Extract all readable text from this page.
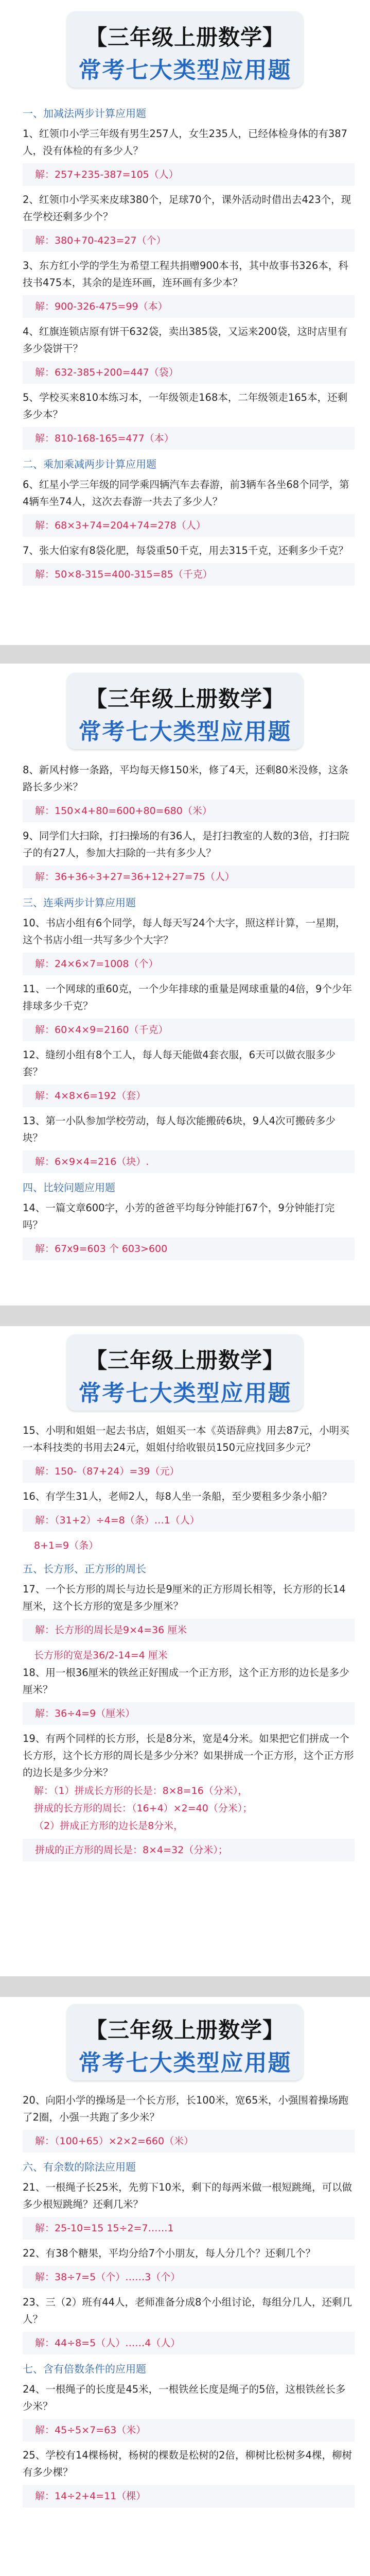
【三年级上册数学】
常考七大类型应用题
一、加减法两步计算应用题
1、红领巾小学三年级有男生257人，女生235人，已经体检身体的有387人，没有体检的有多少人？
解：257+235-387=105（人）
2、红领巾小学买来皮球380个，足球70个，课外活动时借出去423个，现在学校还剩多少个？
解：380+70-423=27（个）
3、东方红小学的学生为希望工程共捐赠900本书，其中故事书326本，科技书475本，其余的是连环画，连环画有多少本？
解：900-326-475=99（本）
4、红旗连锁店原有饼干632袋，卖出385袋，又运来200袋，这时店里有多少袋饼干？
解：632-385+200=447（袋）
5、学校买来810本练习本，一年级领走168本，二年级领走165本，还剩多少本？
解：810-168-165=477（本）
二、乘加乘减两步计算应用题
6、红星小学三年级的同学乘四辆汽车去春游，前3辆车各坐68个同学，第4辆车坐74人，这次去春游一共去了多少人？
解：68×3+74=204+74=278（人）
7、张大伯家有8袋化肥，每袋重50千克，用去315千克，还剩多少千克？
解：50×8-315=400-315=85（千克）
【三年级上册数学】
常考七大类型应用题
8、新风村修一条路，平均每天修150米，修了4天，还剩80米没修，这条路长多少米？
解：150×4+80=600+80=680（米）
9、同学们大扫除，打扫操场的有36人，是打扫教室的人数的3倍，打扫院子的有27人，参加大扫除的一共有多少人？
解：36+36÷3+27=36+12+27=75（人）
三、连乘两步计算应用题
10、书店小组有6个同学，每人每天写24个大字，照这样计算，一星期，这个书店小组一共写多少个大字？
解：24×6×7=1008（个）
11、一个网球的重60克，一个少年排球的重量是网球重量的4倍，9个少年排球多少千克？
解：60×4×9=2160（千克）
12、缝纫小组有8个工人，每人每天能做4套衣服，6天可以做衣服多少套？
解：4×8×6=192（套）
13、第一小队参加学校劳动，每人每次能搬砖6块，9人4次可搬砖多少块？
解：6×9×4=216（块）.
四、比较问题应用题
14、一篇文章600字，小芳的爸爸平均每分钟能打67个，9分钟能打完吗？
解：67x9=603 个 603>600
【三年级上册数学】
常考七大类型应用题
15、小明和姐姐一起去书店，姐姐买一本《英语辞典》用去87元，小明买一本科技类的书用去24元，姐姐付给收银员150元应找回多少元？
解：150-（87+24）=39（元）
16、有学生31人，老师2人，每8人坐一条船，至少要租多少条小船？
解：（31+2）÷4=8（条）…1（人）
8+1=9（条）
五、长方形、正方形的周长
17、一个长方形的周长与边长是9厘米的正方形周长相等，长方形的长14厘米，这个长方形的宽是多少厘米？
解：长方形的周长是9×4=36 厘米
长方形的宽是36/2-14=4 厘米
18、用一根36厘米的铁丝正好围成一个正方形，这个正方形的边长是多少厘米？
解：36÷4=9（厘米）
19、有两个同样的长方形，长是8分米，宽是4分米。如果把它们拼成一个长方形，这个长方形的周长是多少分米？如果拼成一个正方形，这个正方形的边长是多少分米？
解：（1）拼成长方形的长是：8×8=16（分米），
拼成的长方形的周长：（16+4）×2=40（分米）；
（2）拼成正方形的边长是8分米，
拼成的正方形的周长是：8×4=32（分米）；
【三年级上册数学】
常考七大类型应用题
20、向阳小学的操场是一个长方形，长100米，宽65米，小强围着操场跑了2圈，小强一共跑了多少米？
解：（100+65）×2×2=660（米）
六、有余数的除法应用题
21、一根绳子长25米，先剪下10米，剩下的每两米做一根短跳绳，可以做多少根短跳绳？还剩几米？
解：25-10=15 15÷2=7……1
22、有38个糖果，平均分给7个小朋友，每人分几个？还剩几个？
解：38÷7=5（个）……3（个）
23、三（2）班有44人，老师准备分成8个小组讨论，每组分几人，还剩几人？
解：44÷8=5（人）……4（人）
七、含有倍数条件的应用题
24、一根绳子的长度是45米，一根铁丝长度是绳子的5倍，这根铁丝长多少米？
解：45÷5×7=63（米）
25、学校有14棵杨树，杨树的棵数是松树的2倍，柳树比松树多4棵，柳树有多少棵？
解：14÷2+4=11（棵）
